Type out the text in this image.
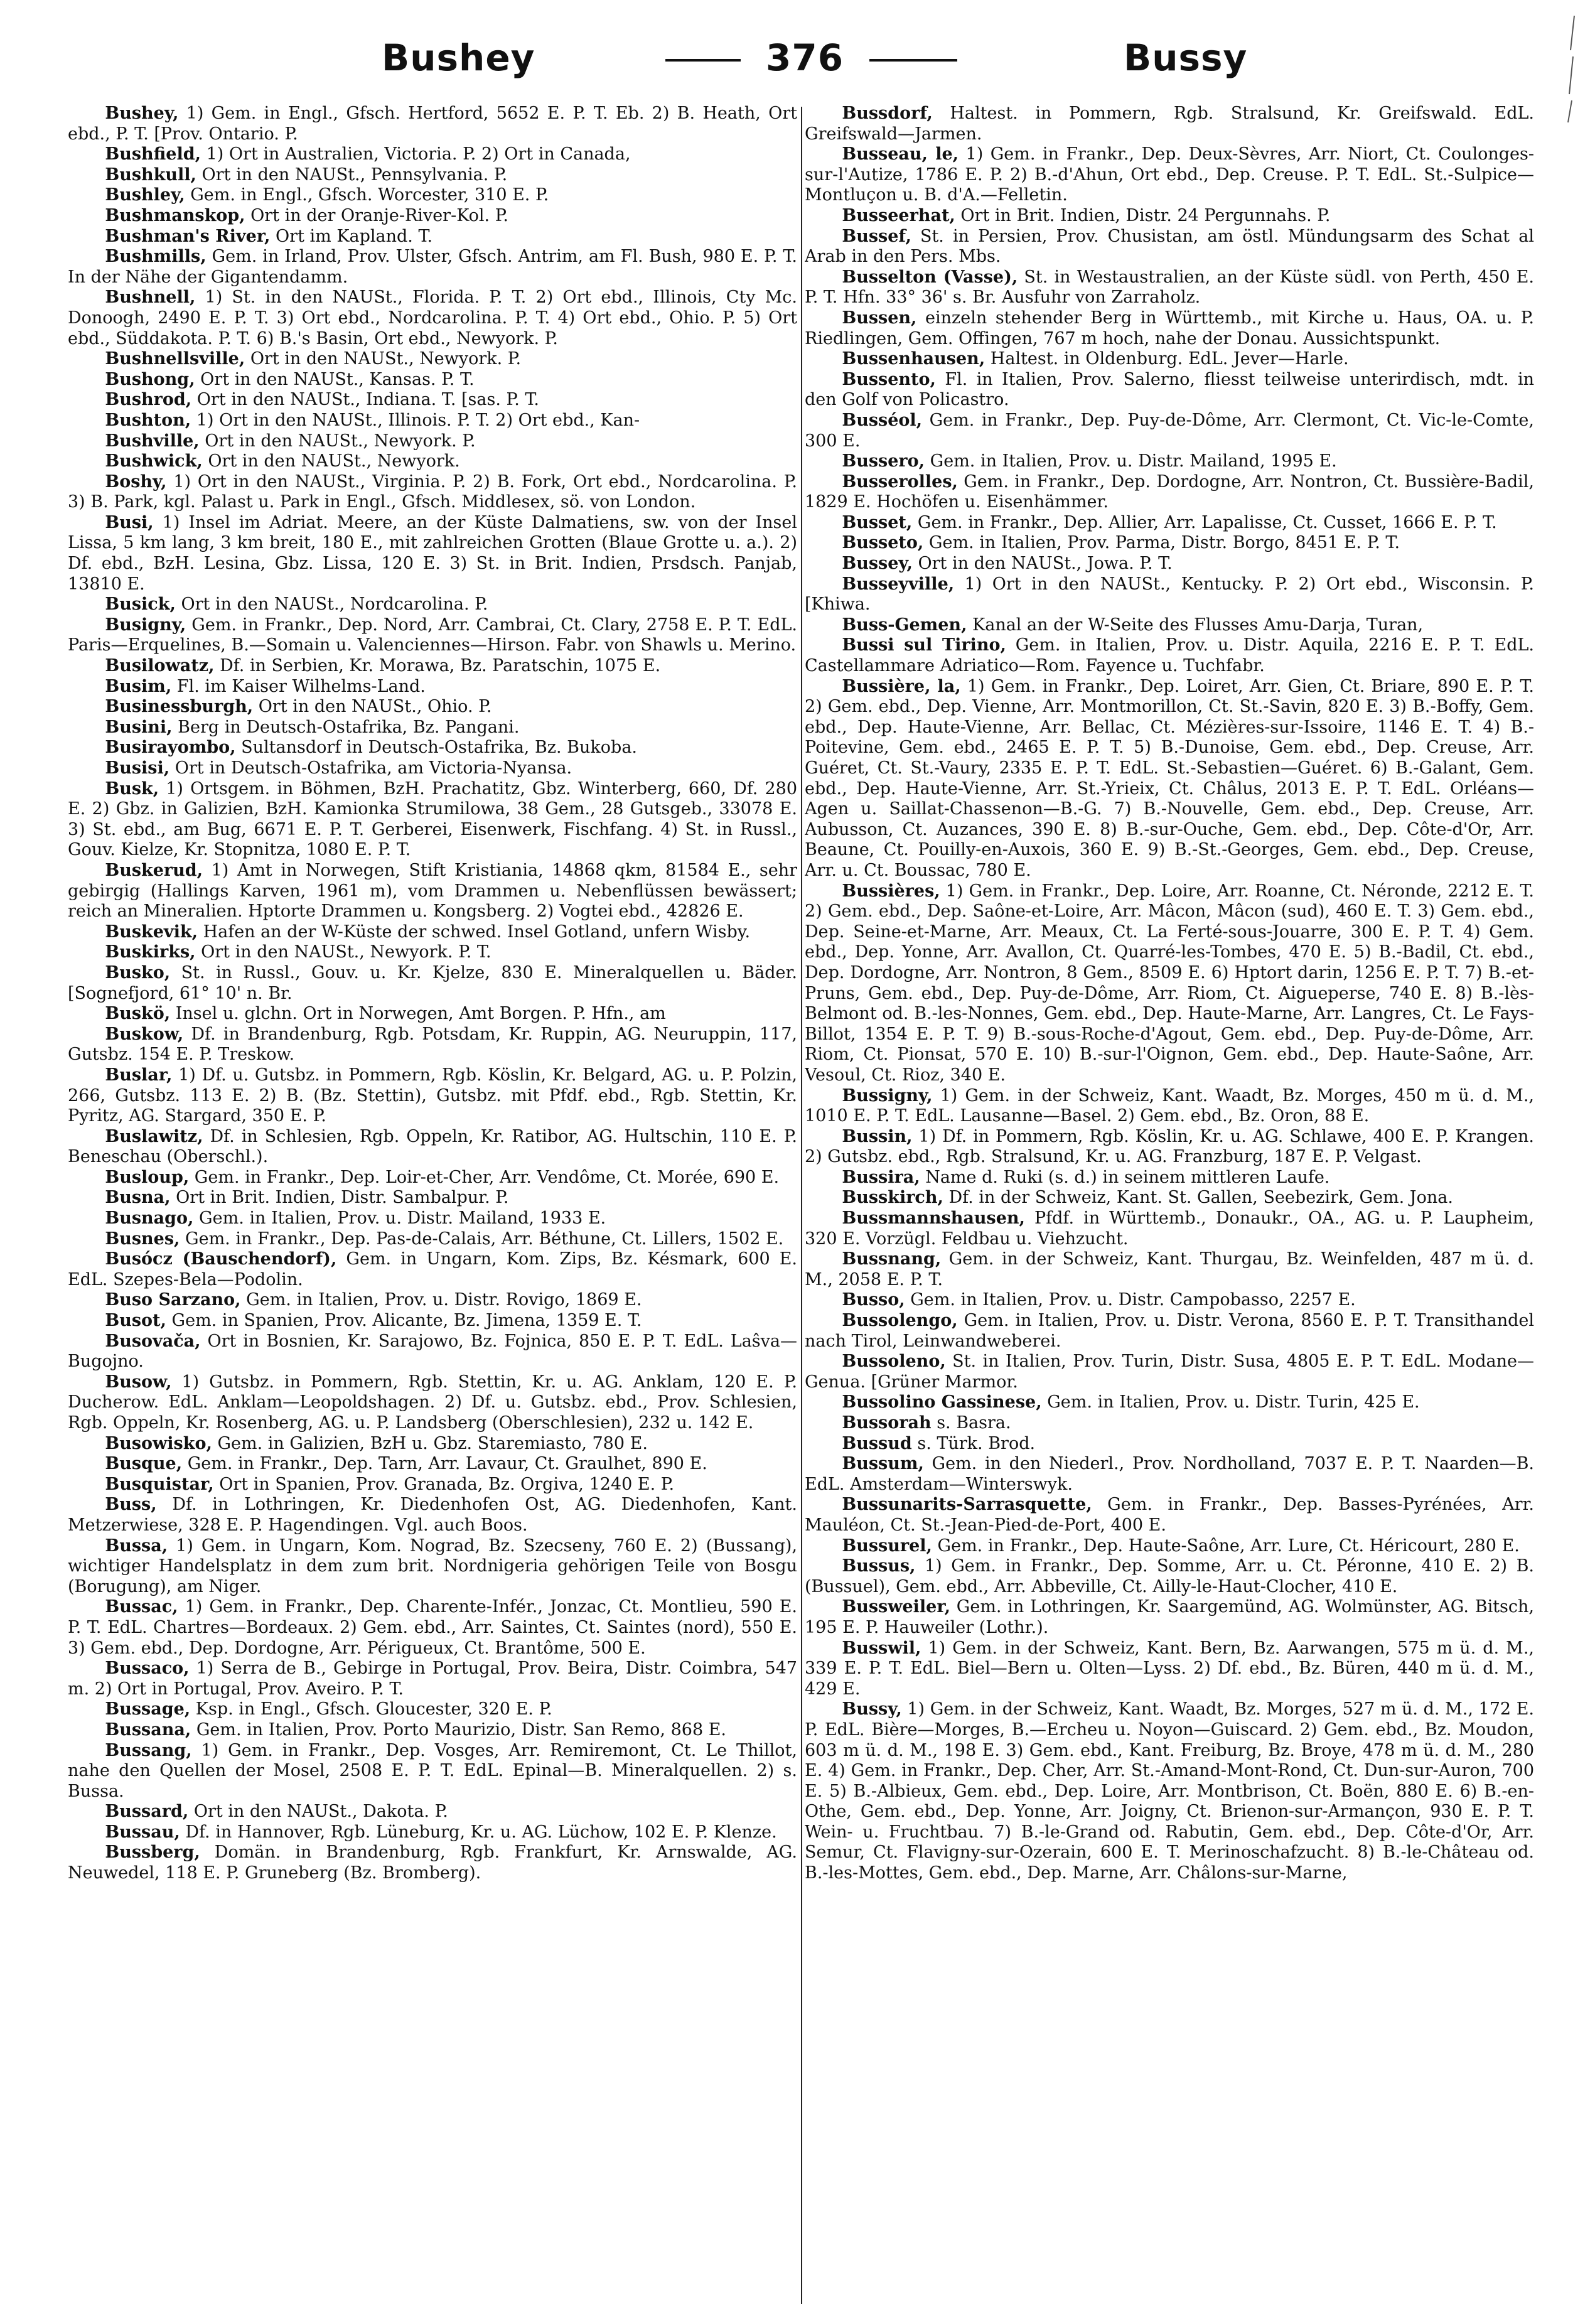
Bushey	376	Bussy

Bushey, 1) Gem. in Engl., Gfsch. Hertford, 5652 E. P. T. Eb. 2) B. Heath, Ort ebd., P. T. [Prov. Ontario. P.

Bushfield, 1) Ort in Australien, Victoria. P. 2) Ort in Canada,

Bushkull, Ort in den NAUSt., Pennsylvania. P.

Bushley, Gem. in Engl., Gfsch. Worcester, 310 E. P.

Bushmanskop, Ort in der Oranje-River-Kol. P.

Bushman's River, Ort im Kapland. T.

Bushmills, Gem. in Irland, Prov. Ulster, Gfsch. Antrim, am Fl. Bush, 980 E. P. T. In der Nähe der Gigantendamm.

Bushnell, 1) St. in den NAUSt., Florida. P. T. 2) Ort ebd., Illinois, Cty Mc. Donoogh, 2490 E. P. T. 3) Ort ebd., Nordcarolina. P. T. 4) Ort ebd., Ohio. P. 5) Ort ebd., Süddakota. P. T. 6) B.'s Basin, Ort ebd., Newyork. P.

Bushnellsville, Ort in den NAUSt., Newyork. P.

Bushong, Ort in den NAUSt., Kansas. P. T.

Bushrod, Ort in den NAUSt., Indiana. T. [sas. P. T.

Bushton, 1) Ort in den NAUSt., Illinois. P. T. 2) Ort ebd., Kan-

Bushville, Ort in den NAUSt., Newyork. P.

Bushwick, Ort in den NAUSt., Newyork.

Boshy, 1) Ort in den NAUSt., Virginia. P. 2) B. Fork, Ort ebd., Nordcarolina. P. 3) B. Park, kgl. Palast u. Park in Engl., Gfsch. Middlesex, sö. von London.

Busi, 1) Insel im Adriat. Meere, an der Küste Dalmatiens, sw. von der Insel Lissa, 5 km lang, 3 km breit, 180 E., mit zahlreichen Grotten (Blaue Grotte u. a.). 2) Df. ebd., BzH. Lesina, Gbz. Lissa, 120 E. 3) St. in Brit. Indien, Prsdsch. Panjab, 13810 E.

Busick, Ort in den NAUSt., Nordcarolina. P.

Busigny, Gem. in Frankr., Dep. Nord, Arr. Cambrai, Ct. Clary, 2758 E. P. T. EdL. Paris—Erquelines, B.—Somain u. Valenciennes—Hirson. Fabr. von Shawls u. Merino.

Busilowatz, Df. in Serbien, Kr. Morawa, Bz. Paratschin, 1075 E.

Busim, Fl. im Kaiser Wilhelms-Land.

Businessburgh, Ort in den NAUSt., Ohio. P.

Busini, Berg in Deutsch-Ostafrika, Bz. Pangani.

Busirayombo, Sultansdorf in Deutsch-Ostafrika, Bz. Bukoba.

Busisi, Ort in Deutsch-Ostafrika, am Victoria-Nyansa.

Busk, 1) Ortsgem. in Böhmen, BzH. Prachatitz, Gbz. Winterberg, 660, Df. 280 E. 2) Gbz. in Galizien, BzH. Kamionka Strumilowa, 38 Gem., 28 Gutsgeb., 33078 E. 3) St. ebd., am Bug, 6671 E. P. T. Gerberei, Eisenwerk, Fischfang. 4) St. in Russl., Gouv. Kielze, Kr. Stopnitza, 1080 E. P. T.

Buskerud, 1) Amt in Norwegen, Stift Kristiania, 14868 qkm, 81584 E., sehr gebirgig (Hallings Karven, 1961 m), vom Drammen u. Nebenflüssen bewässert; reich an Mineralien. Hptorte Drammen u. Kongsberg. 2) Vogtei ebd., 42826 E.

Buskevik, Hafen an der W-Küste der schwed. Insel Gotland, unfern Wisby.

Buskirks, Ort in den NAUSt., Newyork. P. T.

Busko, St. in Russl., Gouv. u. Kr. Kjelze, 830 E. Mineralquellen u. Bäder. [Sognefjord, 61° 10' n. Br.

Buskö, Insel u. glchn. Ort in Norwegen, Amt Borgen. P. Hfn., am

Buskow, Df. in Brandenburg, Rgb. Potsdam, Kr. Ruppin, AG. Neuruppin, 117, Gutsbz. 154 E. P. Treskow.

Buslar, 1) Df. u. Gutsbz. in Pommern, Rgb. Köslin, Kr. Belgard, AG. u. P. Polzin, 266, Gutsbz. 113 E. 2) B. (Bz. Stettin), Gutsbz. mit Pfdf. ebd., Rgb. Stettin, Kr. Pyritz, AG. Stargard, 350 E. P.

Buslawitz, Df. in Schlesien, Rgb. Oppeln, Kr. Ratibor, AG. Hultschin, 110 E. P. Beneschau (Oberschl.).

Busloup, Gem. in Frankr., Dep. Loir-et-Cher, Arr. Vendôme, Ct. Morée, 690 E.

Busna, Ort in Brit. Indien, Distr. Sambalpur. P.

Busnago, Gem. in Italien, Prov. u. Distr. Mailand, 1933 E.

Busnes, Gem. in Frankr., Dep. Pas-de-Calais, Arr. Béthune, Ct. Lillers, 1502 E.

Busócz (Bauschendorf), Gem. in Ungarn, Kom. Zips, Bz. Késmark, 600 E. EdL. Szepes-Bela—Podolin.

Buso Sarzano, Gem. in Italien, Prov. u. Distr. Rovigo, 1869 E.

Busot, Gem. in Spanien, Prov. Alicante, Bz. Jimena, 1359 E. T.

Busovača, Ort in Bosnien, Kr. Sarajowo, Bz. Fojnica, 850 E. P. T. EdL. Laŝva—Bugojno.

Busow, 1) Gutsbz. in Pommern, Rgb. Stettin, Kr. u. AG. Anklam, 120 E. P. Ducherow. EdL. Anklam—Leopoldshagen. 2) Df. u. Gutsbz. ebd., Prov. Schlesien, Rgb. Oppeln, Kr. Rosenberg, AG. u. P. Landsberg (Oberschlesien), 232 u. 142 E.

Busowisko, Gem. in Galizien, BzH u. Gbz. Staremiasto, 780 E.

Busque, Gem. in Frankr., Dep. Tarn, Arr. Lavaur, Ct. Graulhet, 890 E.

Busquistar, Ort in Spanien, Prov. Granada, Bz. Orgiva, 1240 E. P.

Buss, Df. in Lothringen, Kr. Diedenhofen Ost, AG. Diedenhofen, Kant. Metzerwiese, 328 E. P. Hagendingen. Vgl. auch Boos.

Bussa, 1) Gem. in Ungarn, Kom. Nograd, Bz. Szecseny, 760 E. 2) (Bussang), wichtiger Handelsplatz in dem zum brit. Nordnigeria gehörigen Teile von Bosgu (Borugung), am Niger.

Bussac, 1) Gem. in Frankr., Dep. Charente-Infér., Jonzac, Ct. Montlieu, 590 E. P. T. EdL. Chartres—Bordeaux. 2) Gem. ebd., Arr. Saintes, Ct. Saintes (nord), 550 E. 3) Gem. ebd., Dep. Dordogne, Arr. Périgueux, Ct. Brantôme, 500 E.

Bussaco, 1) Serra de B., Gebirge in Portugal, Prov. Beira, Distr. Coimbra, 547 m. 2) Ort in Portugal, Prov. Aveiro. P. T.

Bussage, Ksp. in Engl., Gfsch. Gloucester, 320 E. P.

Bussana, Gem. in Italien, Prov. Porto Maurizio, Distr. San Remo, 868 E.

Bussang, 1) Gem. in Frankr., Dep. Vosges, Arr. Remiremont, Ct. Le Thillot, nahe den Quellen der Mosel, 2508 E. P. T. EdL. Epinal—B. Mineralquellen. 2) s. Bussa.

Bussard, Ort in den NAUSt., Dakota. P.

Bussau, Df. in Hannover, Rgb. Lüneburg, Kr. u. AG. Lüchow, 102 E. P. Klenze.

Bussberg, Domän. in Brandenburg, Rgb. Frankfurt, Kr. Arnswalde, AG. Neuwedel, 118 E. P. Gruneberg (Bz. Bromberg).

Bussdorf, Haltest. in Pommern, Rgb. Stralsund, Kr. Greifswald. EdL. Greifswald—Jarmen.

Busseau, le, 1) Gem. in Frankr., Dep. Deux-Sèvres, Arr. Niort, Ct. Coulonges-sur-l'Autize, 1786 E. P. 2) B.-d'Ahun, Ort ebd., Dep. Creuse. P. T. EdL. St.-Sulpice—Montluçon u. B. d'A.—Felletin.

Busseerhat, Ort in Brit. Indien, Distr. 24 Pergunnahs. P.

Bussef, St. in Persien, Prov. Chusistan, am östl. Mündungsarm des Schat al Arab in den Pers. Mbs.

Busselton (Vasse), St. in Westaustralien, an der Küste südl. von Perth, 450 E. P. T. Hfn. 33° 36' s. Br. Ausfuhr von Zarraholz.

Bussen, einzeln stehender Berg in Württemb., mit Kirche u. Haus, OA. u. P. Riedlingen, Gem. Offingen, 767 m hoch, nahe der Donau. Aussichtspunkt.

Bussenhausen, Haltest. in Oldenburg. EdL. Jever—Harle.

Bussento, Fl. in Italien, Prov. Salerno, fliesst teilweise unterirdisch, mdt. in den Golf von Policastro.

Busséol, Gem. in Frankr., Dep. Puy-de-Dôme, Arr. Clermont, Ct. Vic-le-Comte, 300 E.

Bussero, Gem. in Italien, Prov. u. Distr. Mailand, 1995 E.

Busserolles, Gem. in Frankr., Dep. Dordogne, Arr. Nontron, Ct. Bussière-Badil, 1829 E. Hochöfen u. Eisenhämmer.

Busset, Gem. in Frankr., Dep. Allier, Arr. Lapalisse, Ct. Cusset, 1666 E. P. T.

Busseto, Gem. in Italien, Prov. Parma, Distr. Borgo, 8451 E. P. T.

Bussey, Ort in den NAUSt., Jowa. P. T.

Busseyville, 1) Ort in den NAUSt., Kentucky. P. 2) Ort ebd., Wisconsin. P. [Khiwa.

Buss-Gemen, Kanal an der W-Seite des Flusses Amu-Darja, Turan,

Bussi sul Tirino, Gem. in Italien, Prov. u. Distr. Aquila, 2216 E. P. T. EdL. Castellammare Adriatico—Rom. Fayence u. Tuchfabr.

Bussière, la, 1) Gem. in Frankr., Dep. Loiret, Arr. Gien, Ct. Briare, 890 E. P. T. 2) Gem. ebd., Dep. Vienne, Arr. Montmorillon, Ct. St.-Savin, 820 E. 3) B.-Boffy, Gem. ebd., Dep. Haute-Vienne, Arr. Bellac, Ct. Mézières-sur-Issoire, 1146 E. T. 4) B.-Poitevine, Gem. ebd., 2465 E. P. T. 5) B.-Dunoise, Gem. ebd., Dep. Creuse, Arr. Guéret, Ct. St.-Vaury, 2335 E. P. T. EdL. St.-Sebastien—Guéret. 6) B.-Galant, Gem. ebd., Dep. Haute-Vienne, Arr. St.-Yrieix, Ct. Châlus, 2013 E. P. T. EdL. Orléans—Agen u. Saillat-Chassenon—B.-G. 7) B.-Nouvelle, Gem. ebd., Dep. Creuse, Arr. Aubusson, Ct. Auzances, 390 E. 8) B.-sur-Ouche, Gem. ebd., Dep. Côte-d'Or, Arr. Beaune, Ct. Pouilly-en-Auxois, 360 E. 9) B.-St.-Georges, Gem. ebd., Dep. Creuse, Arr. u. Ct. Boussac, 780 E.

Bussières, 1) Gem. in Frankr., Dep. Loire, Arr. Roanne, Ct. Néronde, 2212 E. T. 2) Gem. ebd., Dep. Saône-et-Loire, Arr. Mâcon, Mâcon (sud), 460 E. T. 3) Gem. ebd., Dep. Seine-et-Marne, Arr. Meaux, Ct. La Ferté-sous-Jouarre, 300 E. P. T. 4) Gem. ebd., Dep. Yonne, Arr. Avallon, Ct. Quarré-les-Tombes, 470 E. 5) B.-Badil, Ct. ebd., Dep. Dordogne, Arr. Nontron, 8 Gem., 8509 E. 6) Hptort darin, 1256 E. P. T. 7) B.-et-Pruns, Gem. ebd., Dep. Puy-de-Dôme, Arr. Riom, Ct. Aigueperse, 740 E. 8) B.-lès-Belmont od. B.-les-Nonnes, Gem. ebd., Dep. Haute-Marne, Arr. Langres, Ct. Le Fays-Billot, 1354 E. P. T. 9) B.-sous-Roche-d'Agout, Gem. ebd., Dep. Puy-de-Dôme, Arr. Riom, Ct. Pionsat, 570 E. 10) B.-sur-l'Oignon, Gem. ebd., Dep. Haute-Saône, Arr. Vesoul, Ct. Rioz, 340 E.

Bussigny, 1) Gem. in der Schweiz, Kant. Waadt, Bz. Morges, 450 m ü. d. M., 1010 E. P. T. EdL. Lausanne—Basel. 2) Gem. ebd., Bz. Oron, 88 E.

Bussin, 1) Df. in Pommern, Rgb. Köslin, Kr. u. AG. Schlawe, 400 E. P. Krangen. 2) Gutsbz. ebd., Rgb. Stralsund, Kr. u. AG. Franzburg, 187 E. P. Velgast.

Bussira, Name d. Ruki (s. d.) in seinem mittleren Laufe.

Busskirch, Df. in der Schweiz, Kant. St. Gallen, Seebezirk, Gem. Jona.

Bussmannshausen, Pfdf. in Württemb., Donaukr., OA., AG. u. P. Laupheim, 320 E. Vorzügl. Feldbau u. Viehzucht.

Bussnang, Gem. in der Schweiz, Kant. Thurgau, Bz. Weinfelden, 487 m ü. d. M., 2058 E. P. T.

Busso, Gem. in Italien, Prov. u. Distr. Campobasso, 2257 E.

Bussolengo, Gem. in Italien, Prov. u. Distr. Verona, 8560 E. P. T. Transithandel nach Tirol, Leinwandweberei.

Bussoleno, St. in Italien, Prov. Turin, Distr. Susa, 4805 E. P. T. EdL. Modane—Genua. [Grüner Marmor.

Bussolino Gassinese, Gem. in Italien, Prov. u. Distr. Turin, 425 E.

Bussorah s. Basra.

Bussud s. Türk. Brod.

Bussum, Gem. in den Niederl., Prov. Nordholland, 7037 E. P. T. Naarden—B. EdL. Amsterdam—Winterswyk.

Bussunarits-Sarrasquette, Gem. in Frankr., Dep. Basses-Pyrénées, Arr. Mauléon, Ct. St.-Jean-Pied-de-Port, 400 E.

Bussurel, Gem. in Frankr., Dep. Haute-Saône, Arr. Lure, Ct. Héricourt, 280 E.

Bussus, 1) Gem. in Frankr., Dep. Somme, Arr. u. Ct. Péronne, 410 E. 2) B. (Bussuel), Gem. ebd., Arr. Abbeville, Ct. Ailly-le-Haut-Clocher, 410 E.

Bussweiler, Gem. in Lothringen, Kr. Saargemünd, AG. Wolmünster, AG. Bitsch, 195 E. P. Hauweiler (Lothr.).

Busswil, 1) Gem. in der Schweiz, Kant. Bern, Bz. Aarwangen, 575 m ü. d. M., 339 E. P. T. EdL. Biel—Bern u. Olten—Lyss. 2) Df. ebd., Bz. Büren, 440 m ü. d. M., 429 E.

Bussy, 1) Gem. in der Schweiz, Kant. Waadt, Bz. Morges, 527 m ü. d. M., 172 E. P. EdL. Bière—Morges, B.—Ercheu u. Noyon—Guiscard. 2) Gem. ebd., Bz. Moudon, 603 m ü. d. M., 198 E. 3) Gem. ebd., Kant. Freiburg, Bz. Broye, 478 m ü. d. M., 280 E. 4) Gem. in Frankr., Dep. Cher, Arr. St.-Amand-Mont-Rond, Ct. Dun-sur-Auron, 700 E. 5) B.-Albieux, Gem. ebd., Dep. Loire, Arr. Montbrison, Ct. Boën, 880 E. 6) B.-en-Othe, Gem. ebd., Dep. Yonne, Arr. Joigny, Ct. Brienon-sur-Armançon, 930 E. P. T. Wein- u. Fruchtbau. 7) B.-le-Grand od. Rabutin, Gem. ebd., Dep. Côte-d'Or, Arr. Semur, Ct. Flavigny-sur-Ozerain, 600 E. T. Merinoschafzucht. 8) B.-le-Château od. B.-les-Mottes, Gem. ebd., Dep. Marne, Arr. Châlons-sur-Marne,
